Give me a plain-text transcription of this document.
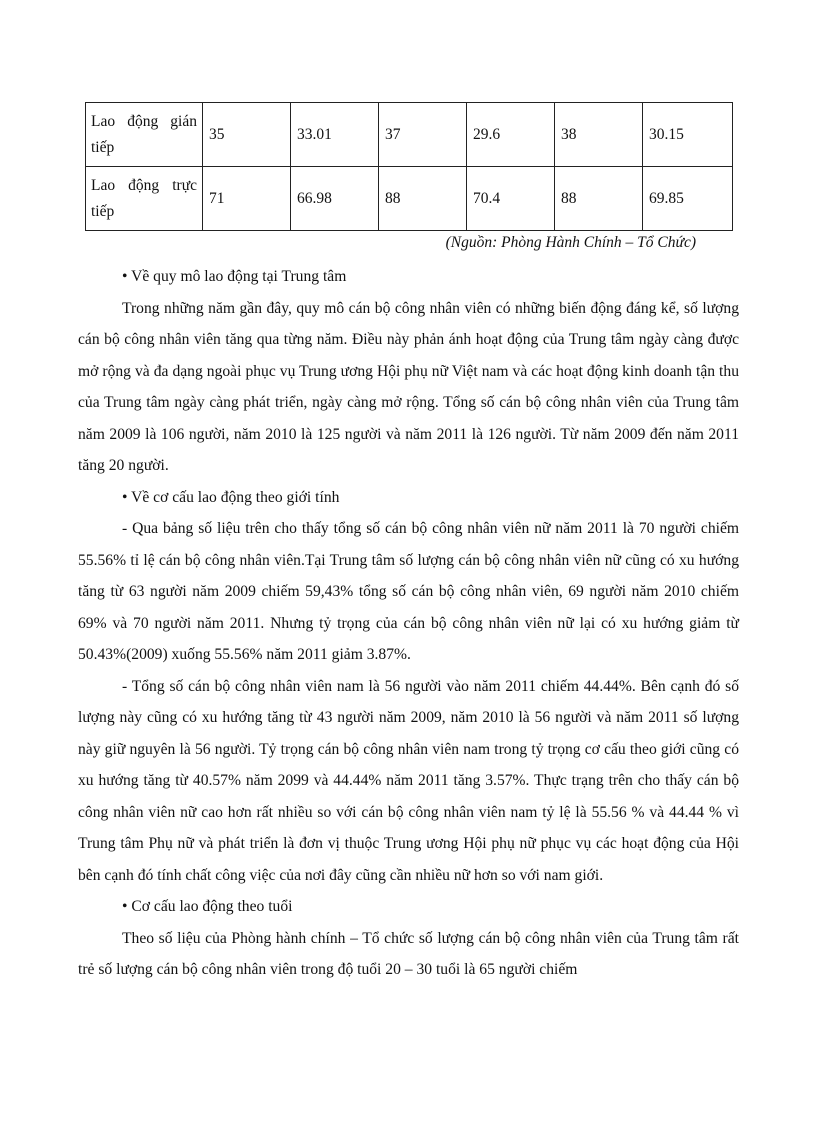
Lao động gián tiếp	35	33.01	37	29.6	38	30.15
Lao động trực tiếp	71	66.98	88	70.4	88	69.85
(Nguồn: Phòng Hành Chính – Tổ Chức)

• Về quy mô lao động tại Trung tâm

Trong những năm gần đây, quy mô cán bộ công nhân viên có những biến động đáng kể, số lượng cán bộ công nhân viên tăng qua từng năm. Điều này phản ánh hoạt động của Trung tâm ngày càng được mở rộng và đa dạng ngoài phục vụ Trung ương Hội phụ nữ Việt nam và các hoạt động kinh doanh tận thu của Trung tâm ngày càng phát triển, ngày càng mở rộng. Tổng số cán bộ công nhân viên của Trung tâm năm 2009 là 106 người, năm 2010 là 125 người và năm 2011 là 126 người. Từ năm 2009 đến năm 2011 tăng 20 người.

• Về cơ cấu lao động theo giới tính

- Qua bảng số liệu trên cho thấy tổng số cán bộ công nhân viên nữ năm 2011 là 70 người chiếm 55.56% tỉ lệ cán bộ công nhân viên.Tại Trung tâm số lượng cán bộ công nhân viên nữ cũng có xu hướng tăng từ 63 người năm 2009 chiếm 59,43% tổng số cán bộ công nhân viên, 69 người năm 2010 chiếm 69% và 70 người năm 2011. Nhưng tỷ trọng của cán bộ công nhân viên nữ lại có xu hướng giảm từ 50.43%(2009) xuống 55.56% năm 2011 giảm 3.87%.

- Tổng số cán bộ công nhân viên nam là 56 người vào năm 2011 chiếm 44.44%. Bên cạnh đó số lượng này cũng có xu hướng tăng từ 43 người năm 2009, năm 2010 là 56 người và năm 2011 số lượng này giữ nguyên là 56 người. Tỷ trọng cán bộ công nhân viên nam trong tỷ trọng cơ cấu theo giới cũng có xu hướng tăng từ 40.57% năm 2099 và 44.44% năm 2011 tăng 3.57%. Thực trạng trên cho thấy cán bộ công nhân viên nữ cao hơn rất nhiều so với cán bộ công nhân viên nam tỷ lệ là 55.56 % và 44.44 % vì Trung tâm Phụ nữ và phát triển là đơn vị thuộc Trung ương Hội phụ nữ phục vụ các hoạt động của Hội bên cạnh đó tính chất công việc của nơi đây cũng cần nhiều nữ hơn so với nam giới.

• Cơ cấu lao động theo tuổi

Theo số liệu của Phòng hành chính – Tổ chức số lượng cán bộ công nhân viên của Trung tâm rất trẻ số lượng cán bộ công nhân viên trong độ tuổi 20 – 30 tuổi là 65 người chiếm
